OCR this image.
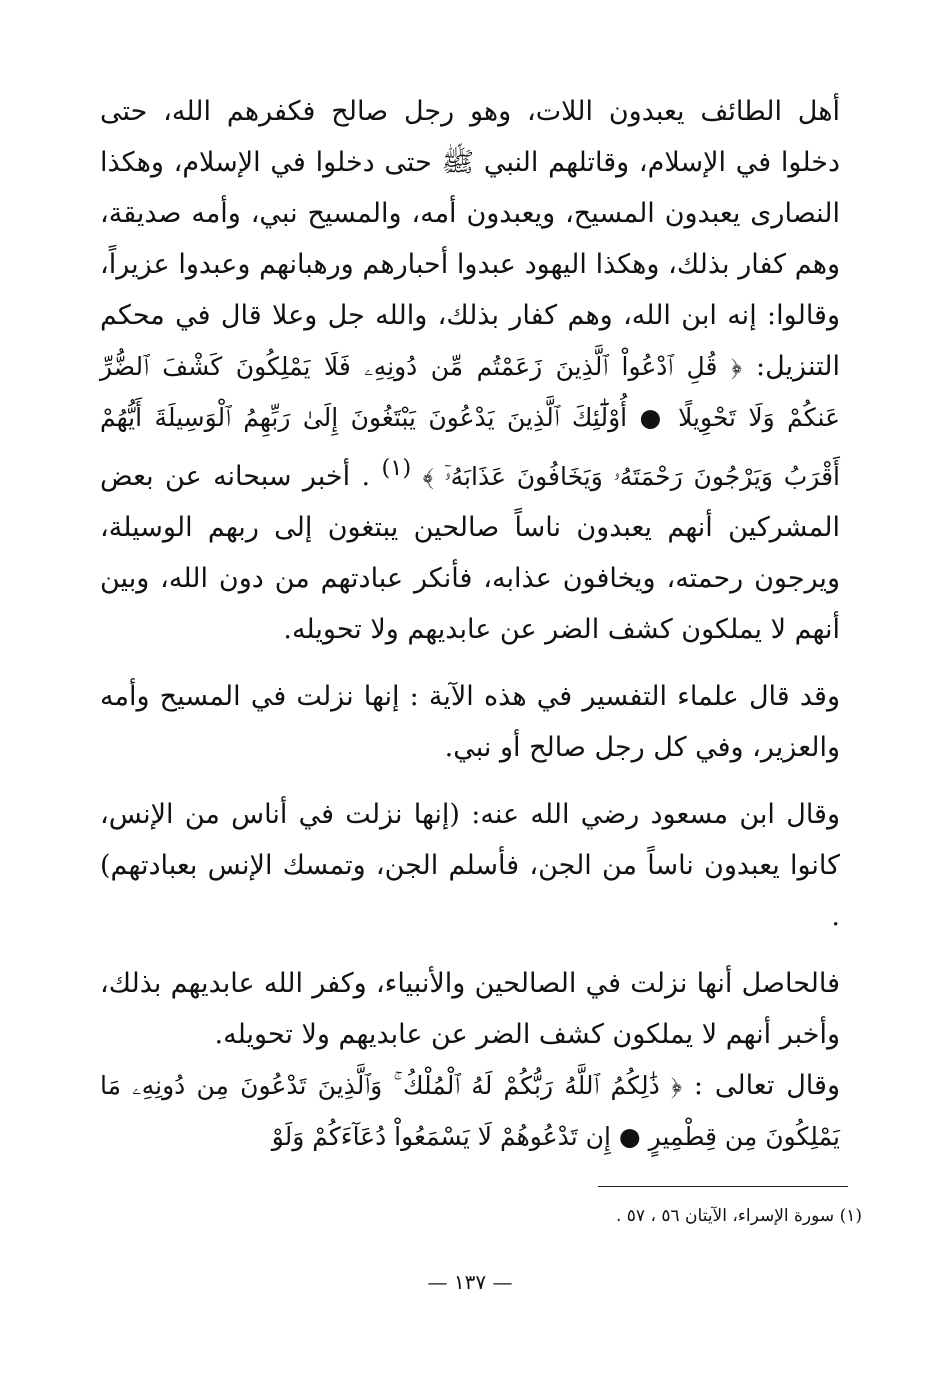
أهل الطائف يعبدون اللات، وهو رجل صالح فكفرهم الله، حتى دخلوا في الإسلام، وقاتلهم النبي ﷺ حتى دخلوا في الإسلام، وهكذا النصارى يعبدون المسيح، ويعبدون أمه، والمسيح نبي، وأمه صديقة، وهم كفار بذلك، وهكذا اليهود عبدوا أحبارهم ورهبانهم وعبدوا عزيراً، وقالوا: إنه ابن الله، وهم كفار بذلك، والله جل وعلا قال في محكم التنزيل: ﴿ قُلِ ٱدْعُواْ ٱلَّذِينَ زَعَمْتُم مِّن دُونِهِۦ فَلَا يَمْلِكُونَ كَشْفَ ٱلضُّرِّ عَنكُمْ وَلَا تَحْوِيلًا ● أُوْلَٰٓئِكَ ٱلَّذِينَ يَدْعُونَ يَبْتَغُونَ إِلَىٰ رَبِّهِمُ ٱلْوَسِيلَةَ أَيُّهُمْ أَقْرَبُ وَيَرْجُونَ رَحْمَتَهُۥ وَيَخَافُونَ عَذَابَهُۥٓ ﴾ $^{(١)}$ . أخبر سبحانه عن بعض المشركين أنهم يعبدون ناساً صالحين يبتغون إلى ربهم الوسيلة، ويرجون رحمته، ويخافون عذابه، فأنكر عبادتهم من دون الله، وبين أنهم لا يملكون كشف الضر عن عابديهم ولا تحويله.

وقد قال علماء التفسير في هذه الآية : إنها نزلت في المسيح وأمه والعزير، وفي كل رجل صالح أو نبي.

وقال ابن مسعود رضي الله عنه: (إنها نزلت في أناس من الإنس، كانوا يعبدون ناساً من الجن، فأسلم الجن، وتمسك الإنس بعبادتهم) .

فالحاصل أنها نزلت في الصالحين والأنبياء، وكفر الله عابديهم بذلك، وأخبر أنهم لا يملكون كشف الضر عن عابديهم ولا تحويله.

وقال تعالى : ﴿ ذَٰلِكُمُ ٱللَّهُ رَبُّكُمْ لَهُ ٱلْمُلْكُ ۚ وَٱلَّذِينَ تَدْعُونَ مِن دُونِهِۦ مَا يَمْلِكُونَ مِن قِطْمِيرٍ ● إِن تَدْعُوهُمْ لَا يَسْمَعُواْ دُعَآءَكُمْ وَلَوْ

(١) سورة الإسراء، الآيتان ٥٦ ، ٥٧ .
— ١٣٧ —
